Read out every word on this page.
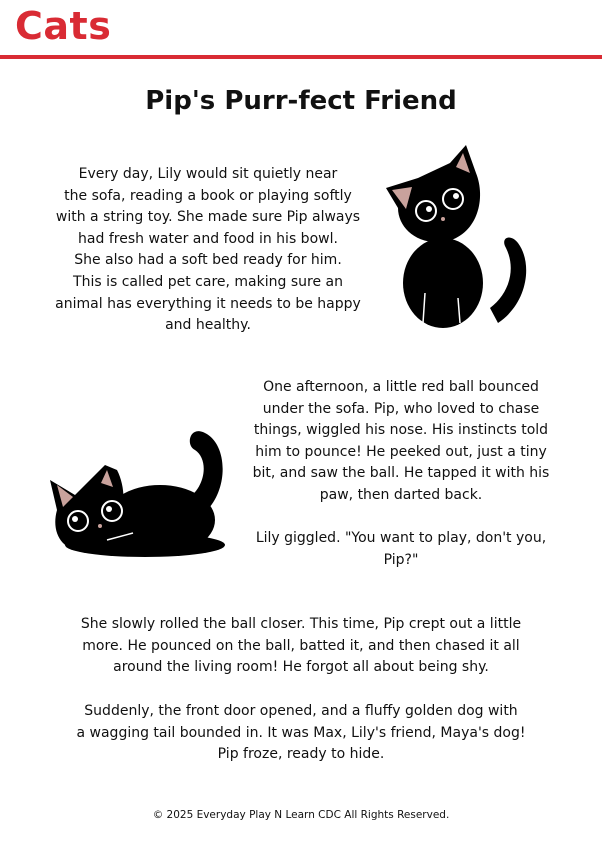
Cats
Pip's Purr-fect Friend
Every day, Lily would sit quietly near
the sofa, reading a book or playing softly
with a string toy. She made sure Pip always
had fresh water and food in his bowl.
She also had a soft bed ready for him.
This is called pet care, making sure an
animal has everything it needs to be happy
and healthy.
One afternoon, a little red ball bounced
under the sofa. Pip, who loved to chase
things, wiggled his nose. His instincts told
him to pounce! He peeked out, just a tiny
bit, and saw the ball. He tapped it with his
paw, then darted back.
Lily giggled. "You want to play, don't you,
Pip?"
She slowly rolled the ball closer. This time, Pip crept out a little
more. He pounced on the ball, batted it, and then chased it all
around the living room! He forgot all about being shy.
Suddenly, the front door opened, and a fluffy golden dog with
a wagging tail bounded in. It was Max, Lily's friend, Maya's dog!
Pip froze, ready to hide.
© 2025 Everyday Play N Learn CDC All Rights Reserved.
